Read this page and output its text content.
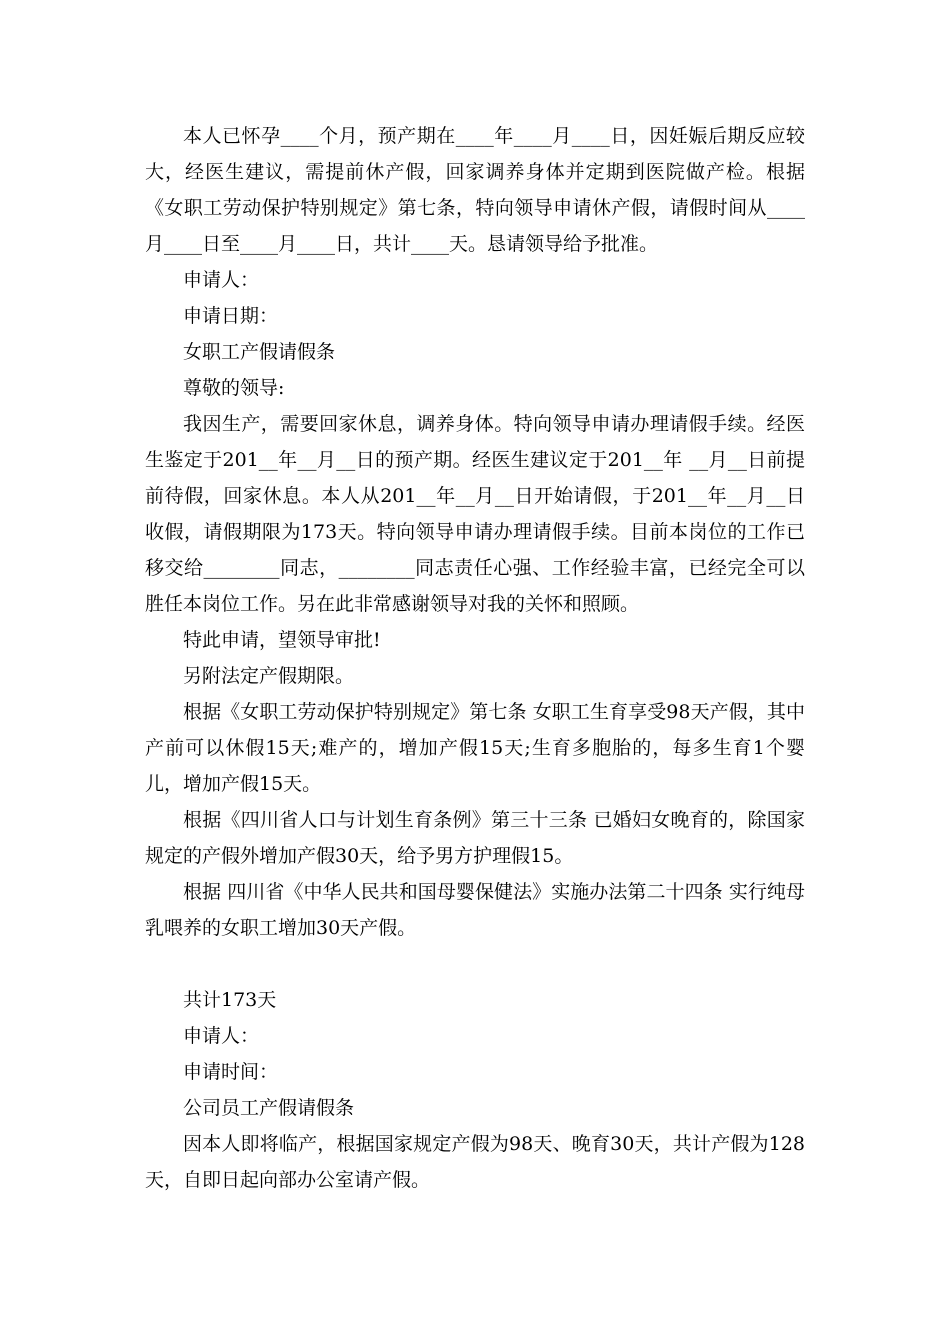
本人已怀孕____个月，预产期在____年____月____日，因妊娠后期反应较大，经医生建议，需提前休产假，回家调养身体并定期到医院做产检。根据《女职工劳动保护特别规定》第七条，特向领导申请休产假，请假时间从____月____日至____月____日，共计____天。恳请领导给予批准。

申请人：

申请日期：

女职工产假请假条

尊敬的领导:

我因生产，需要回家休息，调养身体。特向领导申请办理请假手续。经医生鉴定于201__年__月__日的预产期。经医生建议定于201__年 __月__日前提前待假，回家休息。本人从201__年__月__日开始请假，于201__年__月__日收假，请假期限为173天。特向领导申请办理请假手续。目前本岗位的工作已移交给________同志，________同志责任心强、工作经验丰富，已经完全可以胜任本岗位工作。另在此非常感谢领导对我的关怀和照顾。

特此申请，望领导审批!

另附法定产假期限。

根据《女职工劳动保护特别规定》第七条 女职工生育享受98天产假，其中产前可以休假15天;难产的，增加产假15天;生育多胞胎的，每多生育1个婴儿，增加产假15天。

根据《四川省人口与计划生育条例》第三十三条 已婚妇女晚育的，除国家规定的产假外增加产假30天，给予男方护理假15。

根据 四川省《中华人民共和国母婴保健法》实施办法第二十四条 实行纯母乳喂养的女职工增加30天产假。

共计173天

申请人：

申请时间：

公司员工产假请假条

因本人即将临产，根据国家规定产假为98天、晚育30天，共计产假为128天，自即日起向部办公室请产假。
